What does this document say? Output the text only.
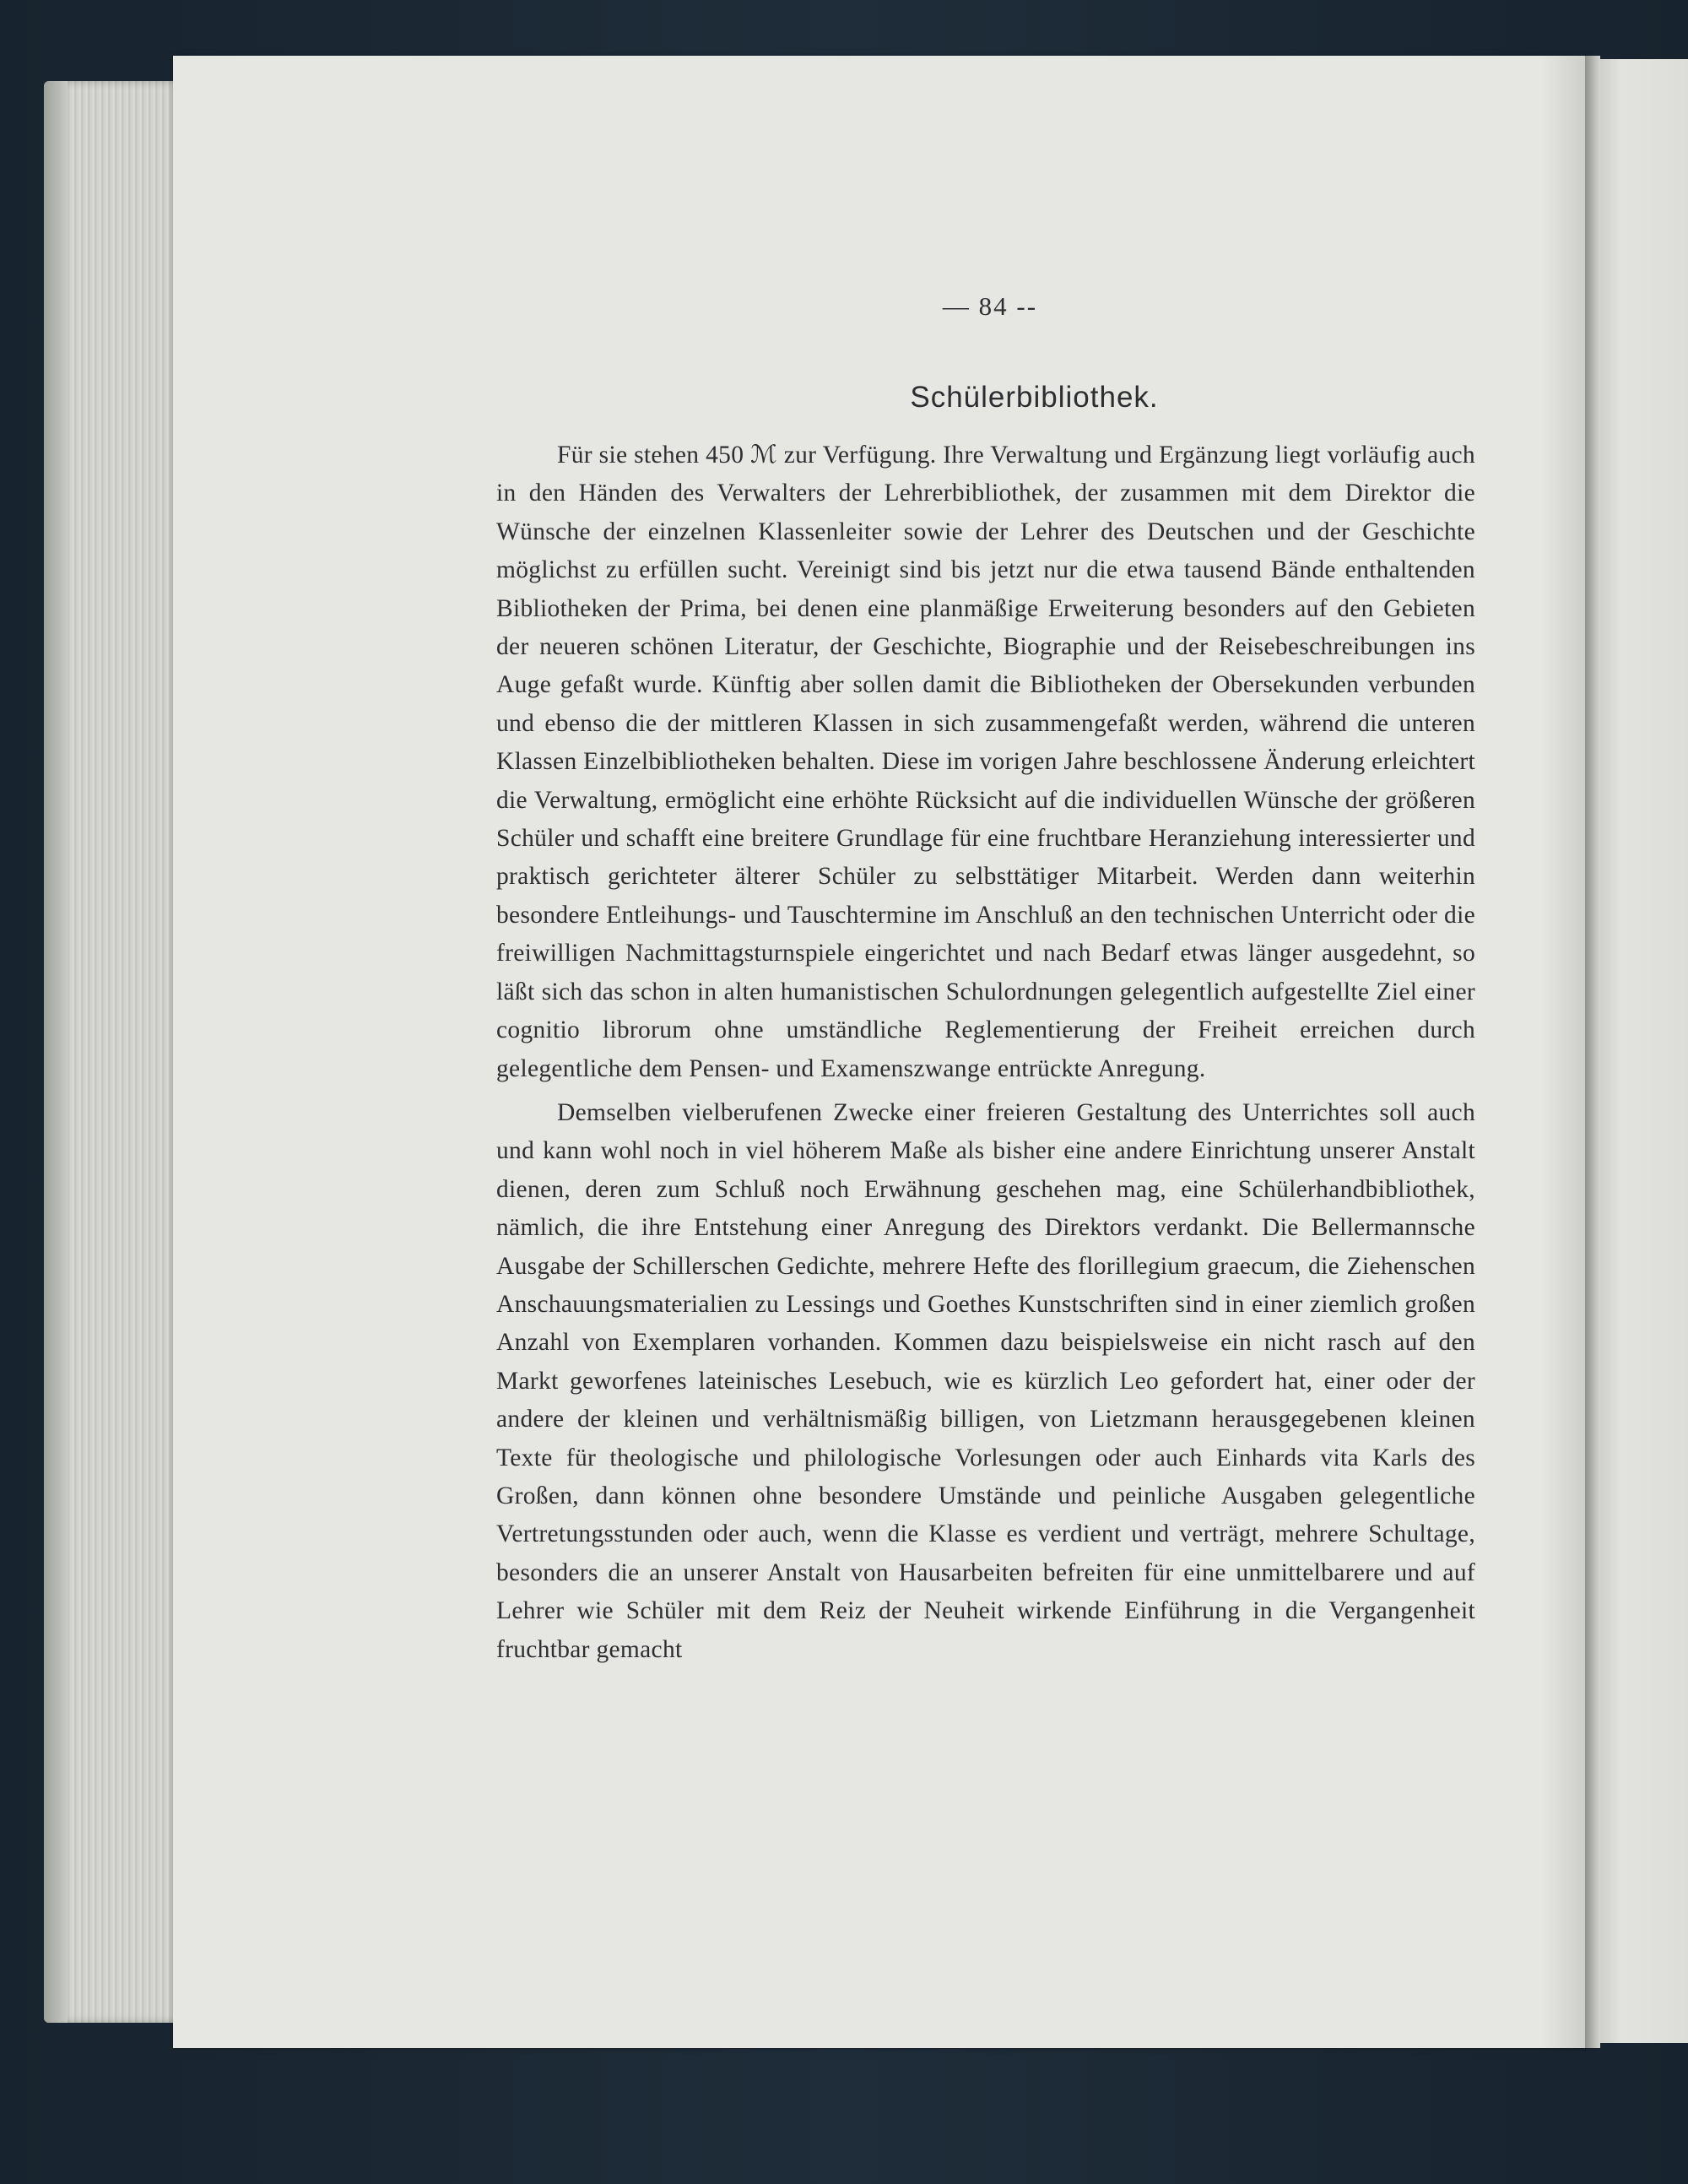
— 84 --
Schülerbibliothek.

Für sie stehen 450 ℳ zur Verfügung. Ihre Verwaltung und Ergänzung liegt vorläufig auch in den Händen des Verwalters der Lehrerbibliothek, der zusammen mit dem Direktor die Wünsche der einzelnen Klassenleiter sowie der Lehrer des Deutschen und der Geschichte möglichst zu erfüllen sucht. Vereinigt sind bis jetzt nur die etwa tausend Bände enthaltenden Bibliotheken der Prima, bei denen eine planmäßige Erweiterung besonders auf den Gebieten der neueren schönen Literatur, der Geschichte, Biographie und der Reisebeschreibungen ins Auge gefaßt wurde. Künftig aber sollen damit die Bibliotheken der Obersekunden verbunden und ebenso die der mittleren Klassen in sich zusammengefaßt werden, während die unteren Klassen Einzelbibliotheken behalten. Diese im vorigen Jahre beschlossene Änderung erleichtert die Verwaltung, ermöglicht eine erhöhte Rücksicht auf die individuellen Wünsche der größeren Schüler und schafft eine breitere Grundlage für eine fruchtbare Heranziehung interessierter und praktisch gerichteter älterer Schüler zu selbsttätiger Mitarbeit. Werden dann weiterhin besondere Entleihungs- und Tauschtermine im Anschluß an den technischen Unterricht oder die freiwilligen Nachmittagsturnspiele eingerichtet und nach Bedarf etwas länger ausgedehnt, so läßt sich das schon in alten humanistischen Schulordnungen gelegentlich aufgestellte Ziel einer cognitio librorum ohne umständliche Reglementierung der Freiheit erreichen durch gelegentliche dem Pensen- und Examenszwange entrückte Anregung.

Demselben vielberufenen Zwecke einer freieren Gestaltung des Unterrichtes soll auch und kann wohl noch in viel höherem Maße als bisher eine andere Einrichtung unserer Anstalt dienen, deren zum Schluß noch Erwähnung geschehen mag, eine Schülerhandbibliothek, nämlich, die ihre Entstehung einer Anregung des Direktors verdankt. Die Bellermannsche Ausgabe der Schillerschen Gedichte, mehrere Hefte des florillegium graecum, die Ziehenschen Anschauungsmaterialien zu Lessings und Goethes Kunstschriften sind in einer ziemlich großen Anzahl von Exemplaren vorhanden. Kommen dazu beispielsweise ein nicht rasch auf den Markt geworfenes lateinisches Lesebuch, wie es kürzlich Leo gefordert hat, einer oder der andere der kleinen und verhältnismäßig billigen, von Lietzmann herausgegebenen kleinen Texte für theologische und philologische Vorlesungen oder auch Einhards vita Karls des Großen, dann können ohne besondere Umstände und peinliche Ausgaben gelegentliche Vertretungsstunden oder auch, wenn die Klasse es verdient und verträgt, mehrere Schultage, besonders die an unserer Anstalt von Hausarbeiten befreiten für eine unmittelbarere und auf Lehrer wie Schüler mit dem Reiz der Neuheit wirkende Einführung in die Vergangenheit fruchtbar gemacht
